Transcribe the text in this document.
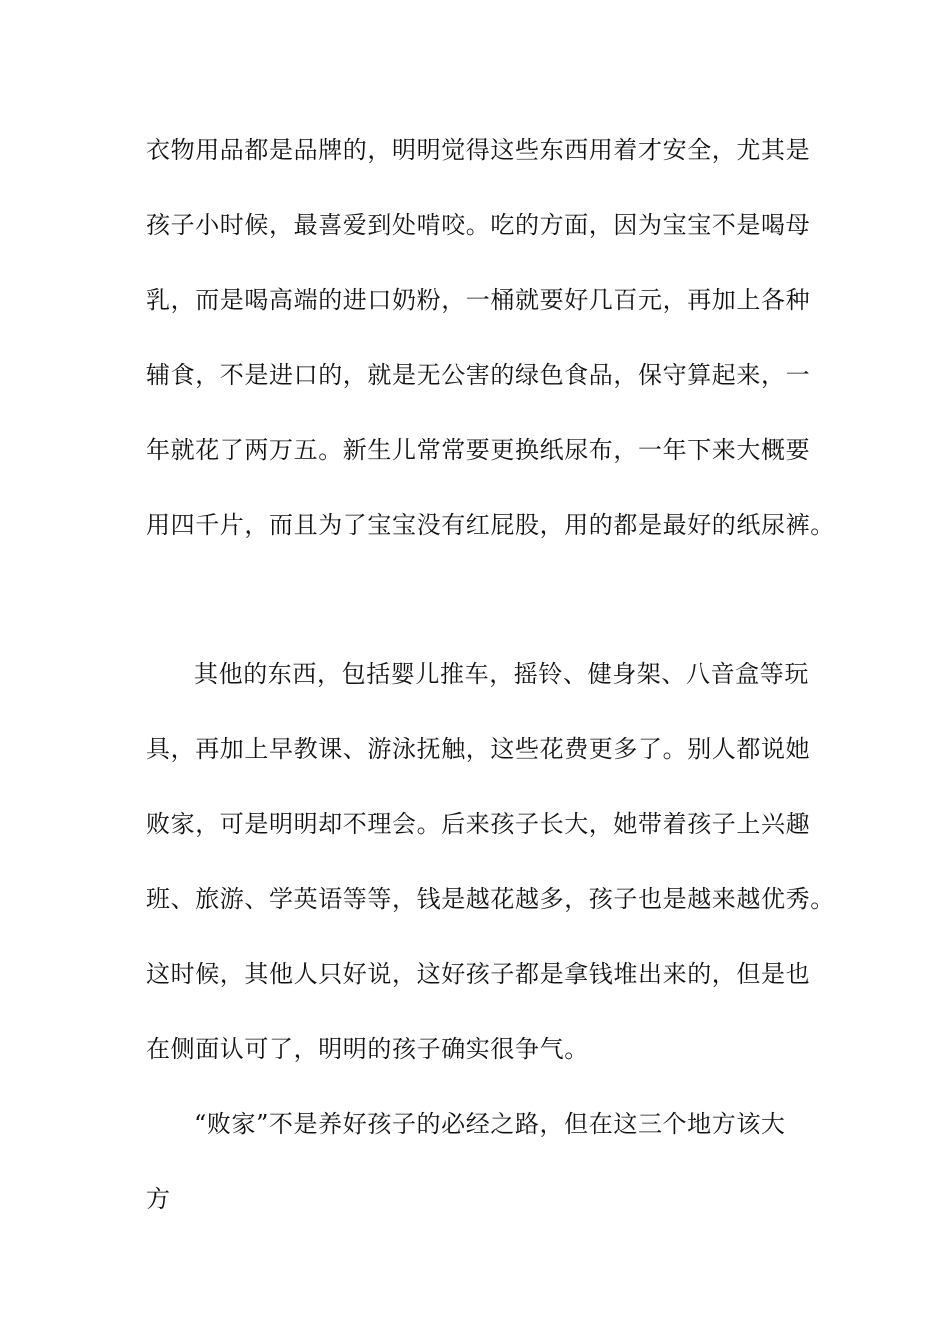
衣物用品都是品牌的，明明觉得这些东西用着才安全，尤其是
孩子小时候，最喜爱到处啃咬。吃的方面，因为宝宝不是喝母
乳，而是喝高端的进口奶粉，一桶就要好几百元，再加上各种
辅食，不是进口的，就是无公害的绿色食品，保守算起来，一
年就花了两万五。新生儿常常要更换纸尿布，一年下来大概要
用四千片，而且为了宝宝没有红屁股，用的都是最好的纸尿裤。
其他的东西，包括婴儿推车，摇铃、健身架、八音盒等玩
具，再加上早教课、游泳抚触，这些花费更多了。别人都说她
败家，可是明明却不理会。后来孩子长大，她带着孩子上兴趣
班、旅游、学英语等等，钱是越花越多，孩子也是越来越优秀。
这时候，其他人只好说，这好孩子都是拿钱堆出来的，但是也
在侧面认可了，明明的孩子确实很争气。
“败家”不是养好孩子的必经之路，但在这三个地方该大
方
